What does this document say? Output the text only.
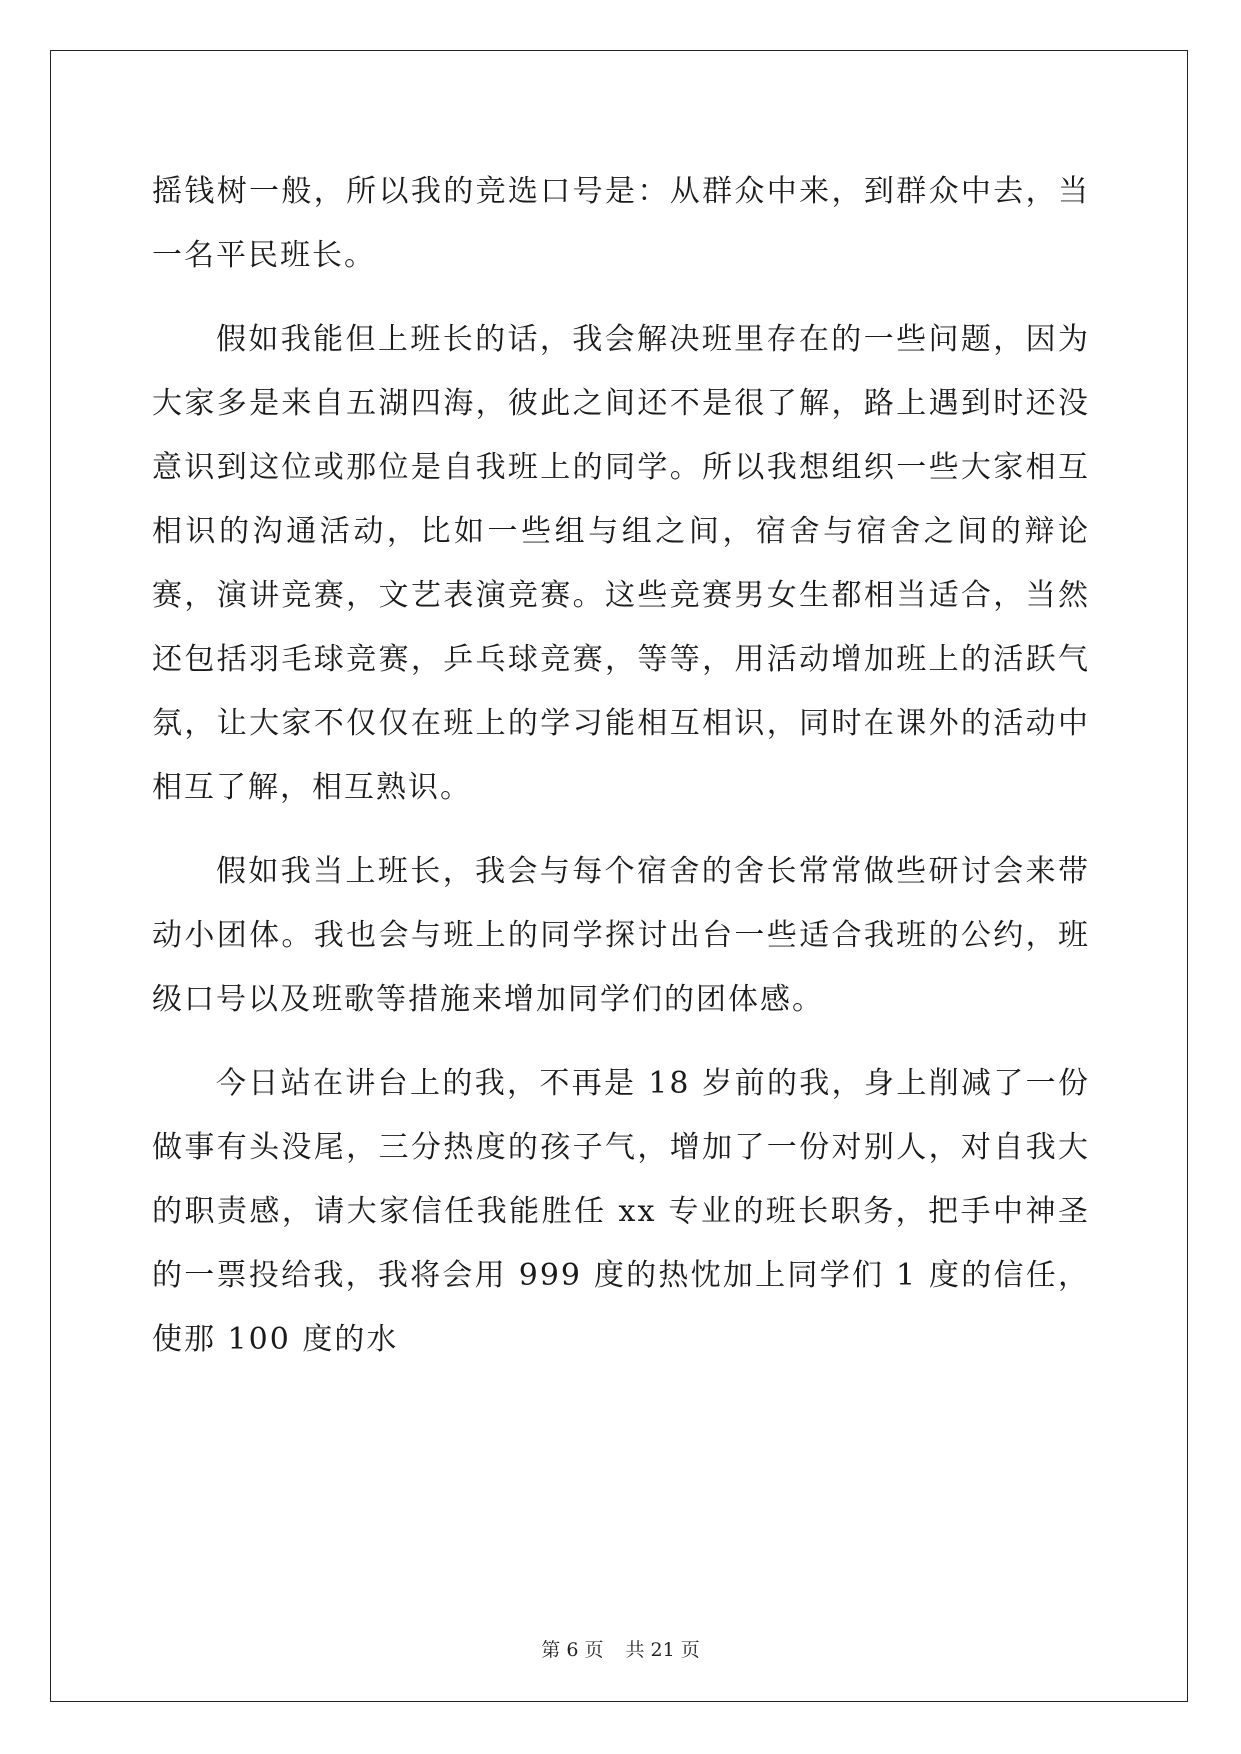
摇钱树一般，所以我的竞选口号是：从群众中来，到群众中去，当一名平民班长。

假如我能但上班长的话，我会解决班里存在的一些问题，因为大家多是来自五湖四海，彼此之间还不是很了解，路上遇到时还没意识到这位或那位是自我班上的同学。所以我想组织一些大家相互相识的沟通活动，比如一些组与组之间，宿舍与宿舍之间的辩论赛，演讲竞赛，文艺表演竞赛。这些竞赛男女生都相当适合，当然还包括羽毛球竞赛，乒乓球竞赛，等等，用活动增加班上的活跃气氛，让大家不仅仅在班上的学习能相互相识，同时在课外的活动中相互了解，相互熟识。

假如我当上班长，我会与每个宿舍的舍长常常做些研讨会来带动小团体。我也会与班上的同学探讨出台一些适合我班的公约，班级口号以及班歌等措施来增加同学们的团体感。

今日站在讲台上的我，不再是 18 岁前的我，身上削减了一份做事有头没尾，三分热度的孩子气，增加了一份对别人，对自我大的职责感，请大家信任我能胜任 xx 专业的班长职务，把手中神圣的一票投给我，我将会用 999 度的热忱加上同学们 1 度的信任，使那 100 度的水

第 6 页 共 21 页
